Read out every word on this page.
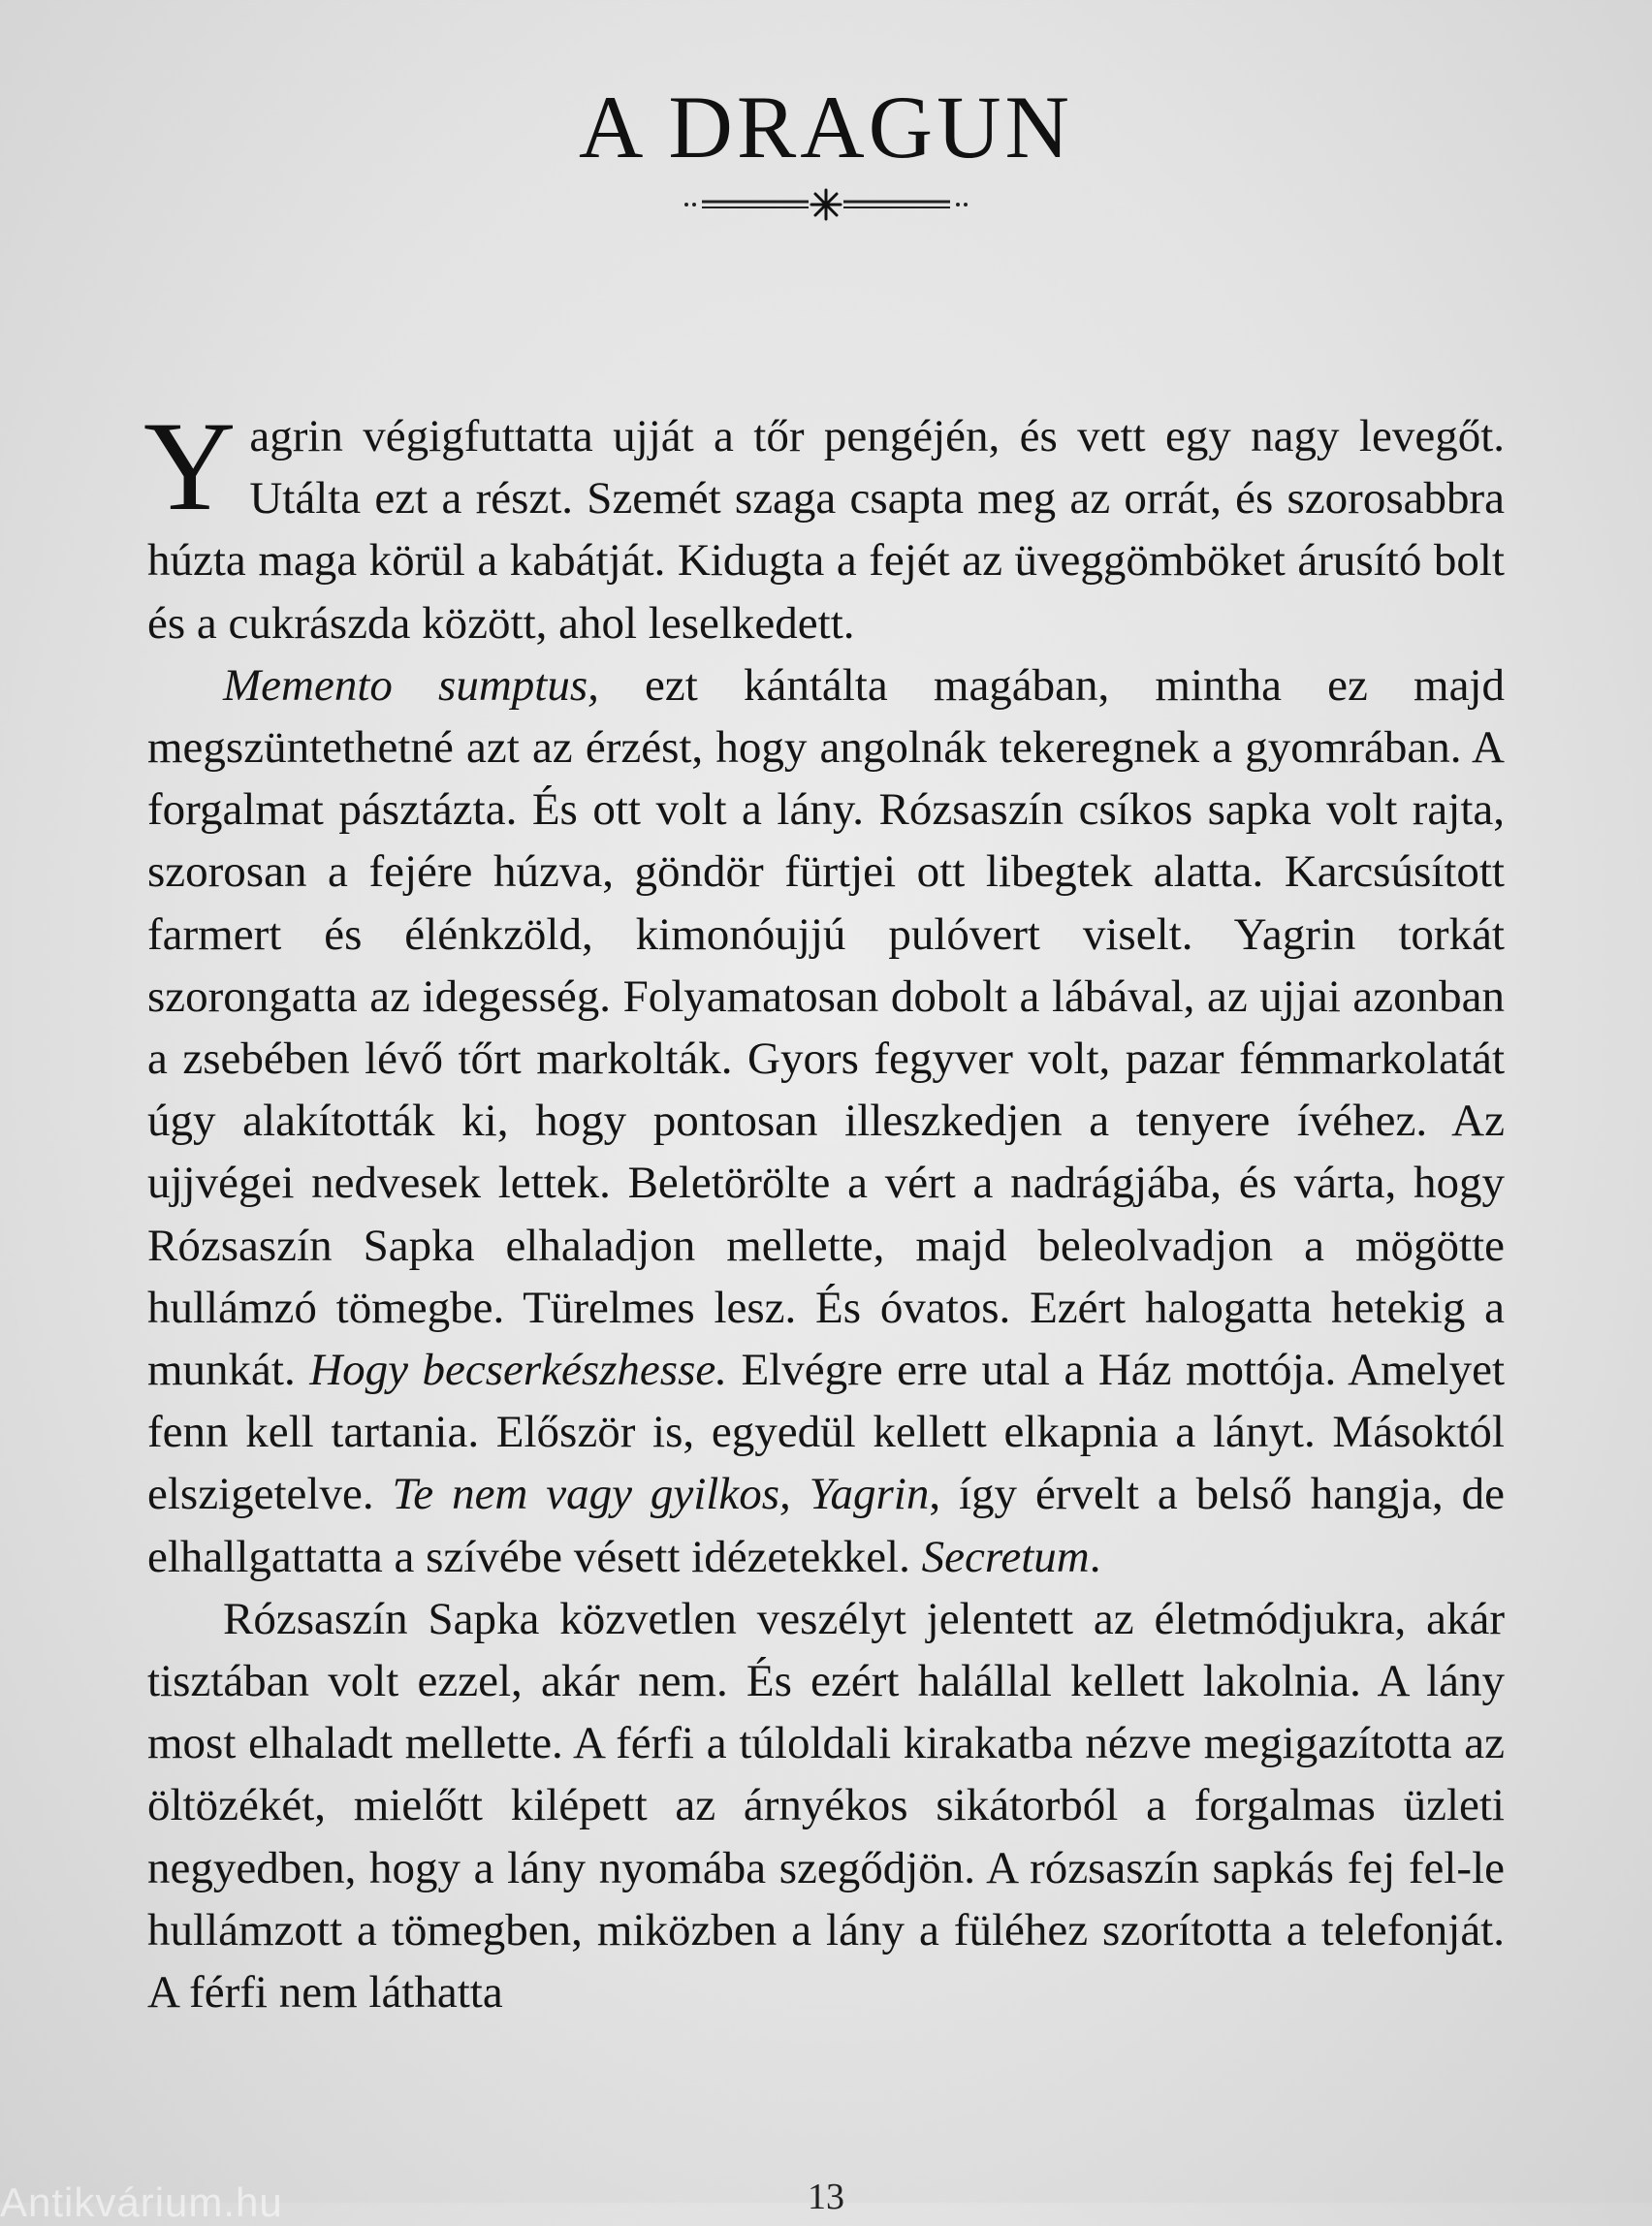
A DRAGUN

Yagrin végigfuttatta ujját a tőr pengéjén, és vett egy nagy levegőt. Utálta ezt a részt. Szemét szaga csapta meg az orrát, és szorosabbra húzta maga körül a kabátját. Kidugta a fejét az üveggömböket árusító bolt és a cukrászda között, ahol leselkedett.

Memento sumptus, ezt kántálta magában, mintha ez majd megszüntethetné azt az érzést, hogy angolnák tekeregnek a gyomrában. A forgalmat pásztázta. És ott volt a lány. Rózsaszín csíkos sapka volt rajta, szorosan a fejére húzva, göndör fürtjei ott libegtek alatta. Karcsúsított farmert és élénkzöld, kimonóujjú pulóvert viselt. Yagrin torkát szorongatta az idegesség. Folyamatosan dobolt a lábával, az ujjai azonban a zsebében lévő tőrt markolták. Gyors fegyver volt, pazar fémmarkolatát úgy alakították ki, hogy pontosan illeszkedjen a tenyere ívéhez. Az ujjvégei nedvesek lettek. Beletörölte a vért a nadrágjába, és várta, hogy Rózsaszín Sapka elhaladjon mellette, majd beleolvadjon a mögötte hullámzó tömegbe. Türelmes lesz. És óvatos. Ezért halogatta hetekig a munkát. Hogy becserkészhesse. Elvégre erre utal a Ház mottója. Amelyet fenn kell tartania. Először is, egyedül kellett elkapnia a lányt. Másoktól elszigetelve. Te nem vagy gyilkos, Yagrin, így érvelt a belső hangja, de elhallgattatta a szívébe vésett idézetekkel. Secretum.

Rózsaszín Sapka közvetlen veszélyt jelentett az életmódjukra, akár tisztában volt ezzel, akár nem. És ezért halállal kellett lakolnia. A lány most elhaladt mellette. A férfi a túloldali kirakatba nézve megigazította az öltözékét, mielőtt kilépett az árnyékos sikátorból a forgalmas üzleti negyedben, hogy a lány nyomába szegődjön. A rózsaszín sapkás fej fel-le hullámzott a tömegben, miközben a lány a füléhez szorította a telefonját. A férfi nem láthatta

13
Antikvárium.hu
